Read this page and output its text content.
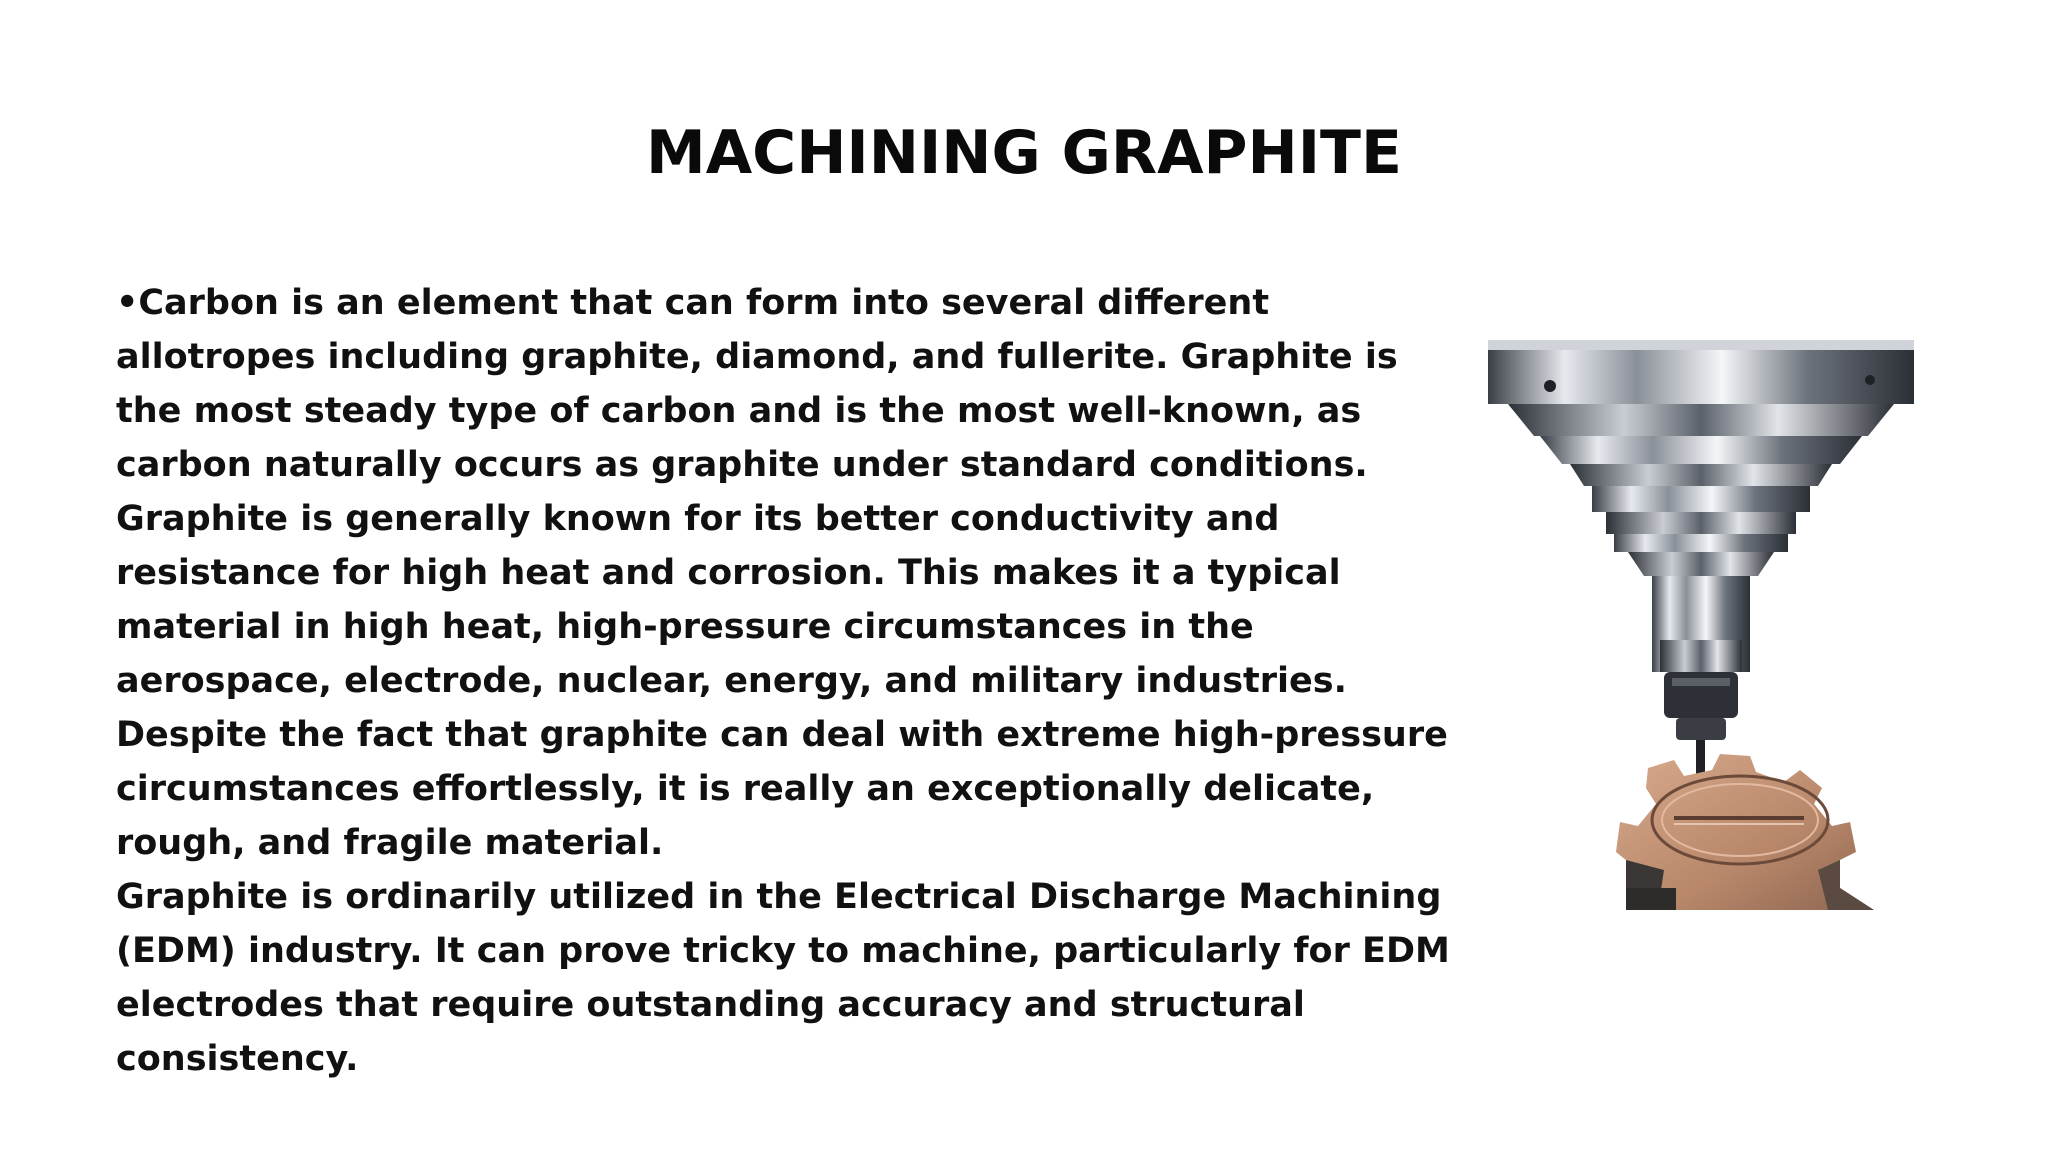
MACHINING GRAPHITE

•Carbon is an element that can form into several different allotropes including graphite, diamond, and fullerite. Graphite is the most steady type of carbon and is the most well-known, as carbon naturally occurs as graphite under standard conditions. Graphite is generally known for its better conductivity and resistance for high heat and corrosion. This makes it a typical material in high heat, high-pressure circumstances in the aerospace, electrode, nuclear, energy, and military industries. Despite the fact that graphite can deal with extreme high-pressure circumstances effortlessly, it is really an exceptionally delicate, rough, and fragile material.

Graphite is ordinarily utilized in the Electrical Discharge Machining (EDM) industry. It can prove tricky to machine, particularly for EDM electrodes that require outstanding accuracy and structural consistency.
